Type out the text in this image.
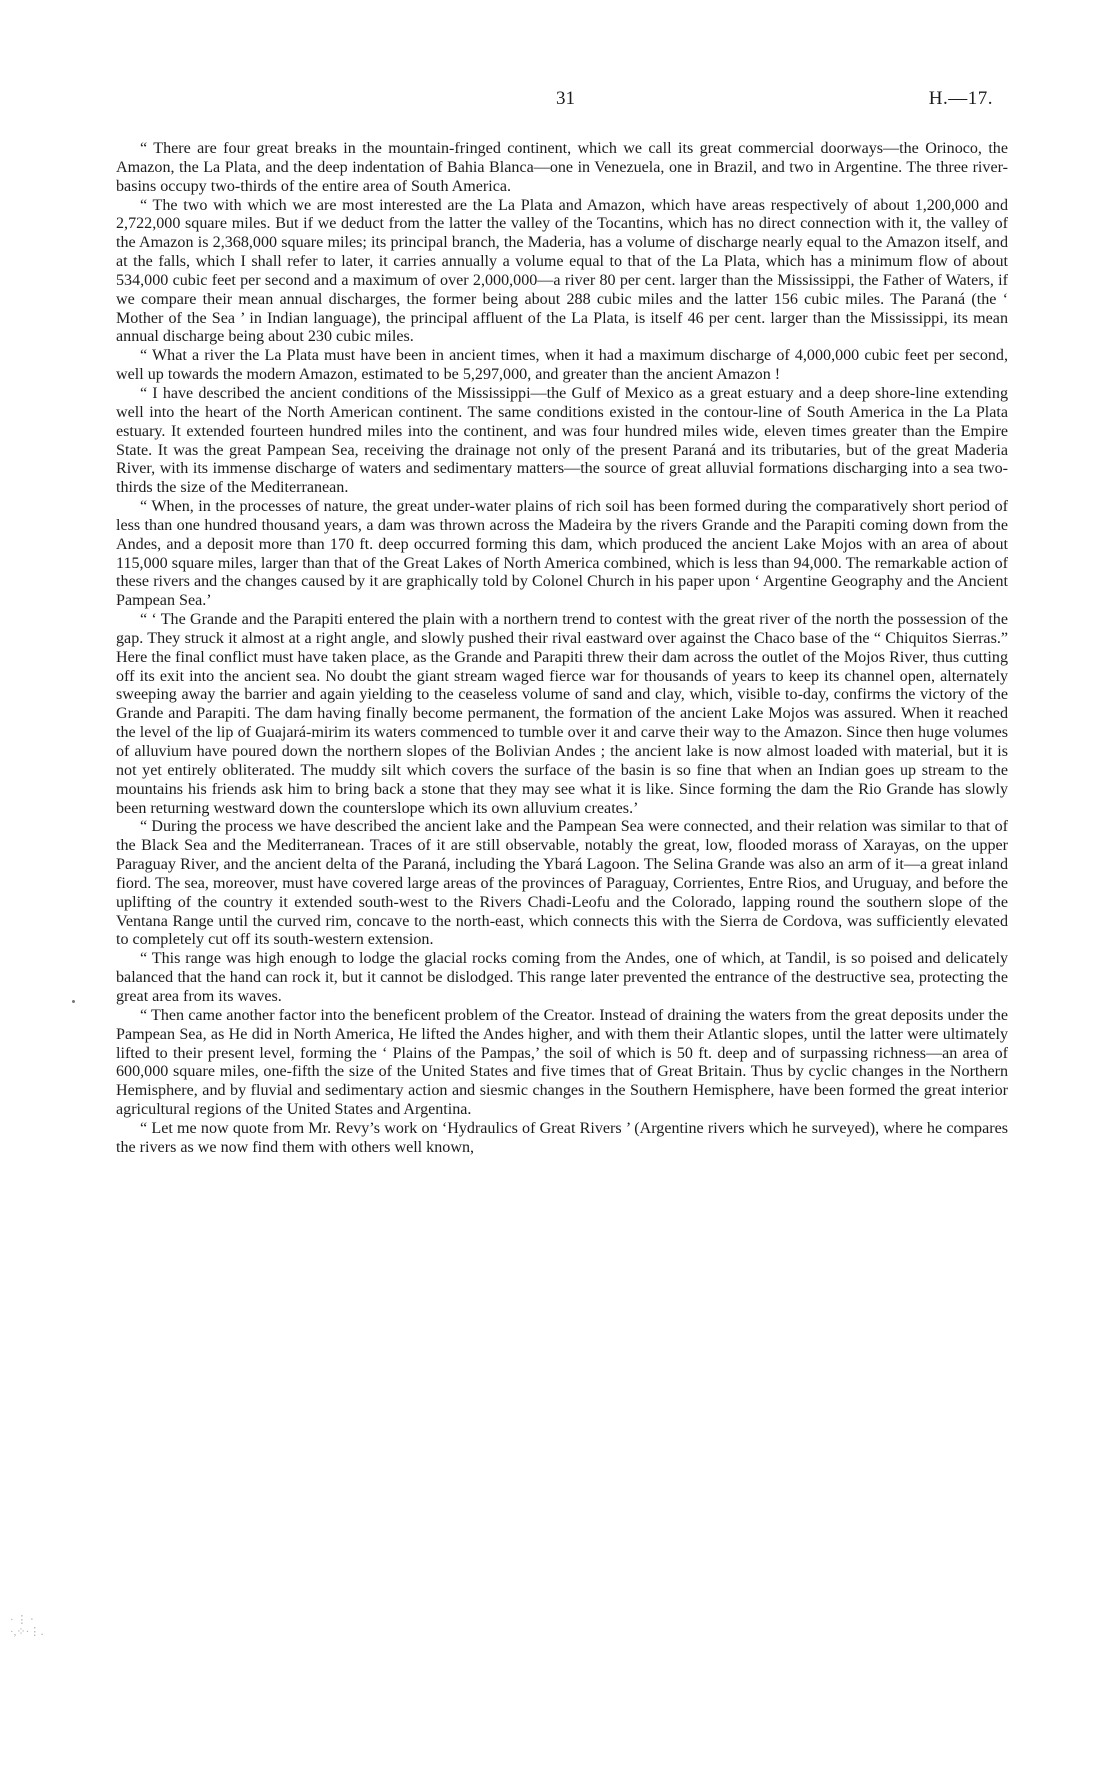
31	H.—17.

“ There are four great breaks in the mountain-fringed continent, which we call its great commercial doorways—the Orinoco, the Amazon, the La Plata, and the deep indentation of Bahia Blanca—one in Venezuela, one in Brazil, and two in Argentine. The three river-basins occupy two-thirds of the entire area of South America.

“ The two with which we are most interested are the La Plata and Amazon, which have areas respectively of about 1,200,000 and 2,722,000 square miles. But if we deduct from the latter the valley of the Tocantins, which has no direct connection with it, the valley of the Amazon is 2,368,000 square miles; its principal branch, the Maderia, has a volume of discharge nearly equal to the Amazon itself, and at the falls, which I shall refer to later, it carries annually a volume equal to that of the La Plata, which has a minimum flow of about 534,000 cubic feet per second and a maximum of over 2,000,000—a river 80 per cent. larger than the Mississippi, the Father of Waters, if we compare their mean annual discharges, the former being about 288 cubic miles and the latter 156 cubic miles. The Paraná (the ‘ Mother of the Sea ’ in Indian language), the principal affluent of the La Plata, is itself 46 per cent. larger than the Mississippi, its mean annual discharge being about 230 cubic miles.

“ What a river the La Plata must have been in ancient times, when it had a maximum discharge of 4,000,000 cubic feet per second, well up towards the modern Amazon, estimated to be 5,297,000, and greater than the ancient Amazon !

“ I have described the ancient conditions of the Mississippi—the Gulf of Mexico as a great estuary and a deep shore-line extending well into the heart of the North American continent. The same conditions existed in the contour-line of South America in the La Plata estuary. It extended fourteen hundred miles into the continent, and was four hundred miles wide, eleven times greater than the Empire State. It was the great Pampean Sea, receiving the drainage not only of the present Paraná and its tributaries, but of the great Maderia River, with its immense discharge of waters and sedimentary matters—the source of great alluvial formations discharging into a sea two-thirds the size of the Mediterranean.

“ When, in the processes of nature, the great under-water plains of rich soil has been formed during the comparatively short period of less than one hundred thousand years, a dam was thrown across the Madeira by the rivers Grande and the Parapiti coming down from the Andes, and a deposit more than 170 ft. deep occurred forming this dam, which produced the ancient Lake Mojos with an area of about 115,000 square miles, larger than that of the Great Lakes of North America combined, which is less than 94,000. The remarkable action of these rivers and the changes caused by it are graphically told by Colonel Church in his paper upon ‘ Argentine Geography and the Ancient Pampean Sea.’

“ ‘ The Grande and the Parapiti entered the plain with a northern trend to contest with the great river of the north the possession of the gap. They struck it almost at a right angle, and slowly pushed their rival eastward over against the Chaco base of the “ Chiquitos Sierras.” Here the final conflict must have taken place, as the Grande and Parapiti threw their dam across the outlet of the Mojos River, thus cutting off its exit into the ancient sea. No doubt the giant stream waged fierce war for thousands of years to keep its channel open, alternately sweeping away the barrier and again yielding to the ceaseless volume of sand and clay, which, visible to-day, confirms the victory of the Grande and Parapiti. The dam having finally become permanent, the formation of the ancient Lake Mojos was assured. When it reached the level of the lip of Guajará-mirim its waters commenced to tumble over it and carve their way to the Amazon. Since then huge volumes of alluvium have poured down the northern slopes of the Bolivian Andes ; the ancient lake is now almost loaded with material, but it is not yet entirely obliterated. The muddy silt which covers the surface of the basin is so fine that when an Indian goes up stream to the mountains his friends ask him to bring back a stone that they may see what it is like. Since forming the dam the Rio Grande has slowly been returning westward down the counterslope which its own alluvium creates.’

“ During the process we have described the ancient lake and the Pampean Sea were connected, and their relation was similar to that of the Black Sea and the Mediterranean. Traces of it are still observable, notably the great, low, flooded morass of Xarayas, on the upper Paraguay River, and the ancient delta of the Paraná, including the Ybará Lagoon. The Selina Grande was also an arm of it—a great inland fiord. The sea, moreover, must have covered large areas of the provinces of Paraguay, Corrientes, Entre Rios, and Uruguay, and before the uplifting of the country it extended south-west to the Rivers Chadi-Leofu and the Colorado, lapping round the southern slope of the Ventana Range until the curved rim, concave to the north-east, which connects this with the Sierra de Cordova, was sufficiently elevated to completely cut off its south-western extension.

“ This range was high enough to lodge the glacial rocks coming from the Andes, one of which, at Tandil, is so poised and delicately balanced that the hand can rock it, but it cannot be dislodged. This range later prevented the entrance of the destructive sea, protecting the great area from its waves.

“ Then came another factor into the beneficent problem of the Creator. Instead of draining the waters from the great deposits under the Pampean Sea, as He did in North America, He lifted the Andes higher, and with them their Atlantic slopes, until the latter were ultimately lifted to their present level, forming the ‘ Plains of the Pampas,’ the soil of which is 50 ft. deep and of surpassing richness—an area of 600,000 square miles, one-fifth the size of the United States and five times that of Great Britain. Thus by cyclic changes in the Northern Hemisphere, and by fluvial and sedimentary action and siesmic changes in the Southern Hemisphere, have been formed the great interior agricultural regions of the United States and Argentina.

“ Let me now quote from Mr. Revy’s work on ‘Hydraulics of Great Rivers ’ (Argentine rivers which he surveyed), where he compares the rivers as we now find them with others well known,

· ⋮ ‧
·,⁘·⋮․
